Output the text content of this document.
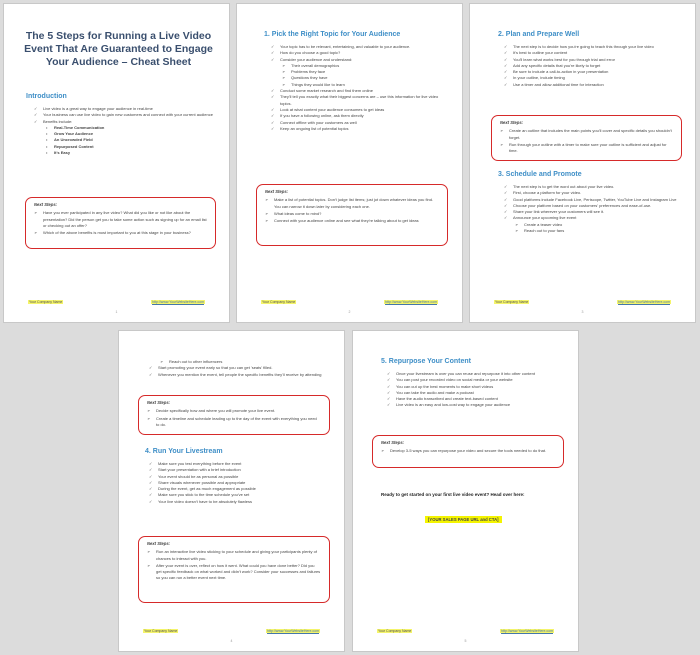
The 5 Steps for Running a Live Video Event That Are Guaranteed to Engage Your Audience – Cheat Sheet
Introduction
✓ Live video is a great way to engage your audience in real-time
✓ Your business can use live video to gain new customers and connect with your current audience
✓ Benefits include:
• Real-Time Communication
• Grow Your Audience
• An Uncrowded Field
• Repurposed Content
• It's Easy
Next Steps:
➢ Have you ever participated in any live video? What did you like or not like about the presentation? Did the person get you to take some action such as signing up for an email list or checking out an offer?
➢ Which of the above benefits is most important to you at this stage in your business?
Your Company Name	http://www.YourWebsiteHere.com
1
1. Pick the Right Topic for Your Audience
✓ Your topic has to be relevant, entertaining, and valuable to your audience.
✓ How do you choose a good topic?
✓ Consider your audience and understand:
➢ Their overall demographics
➢ Problems they face
➢ Questions they have
➢ Things they would like to learn
✓ Conduct some market research and find them online
✓ They'll tell you exactly what their biggest concerns are – use this information for live video topics.
✓ Look at what content your audience consumes to get ideas
✓ If you have a following online, ask them directly
✓ Connect offline with your customers as well
✓ Keep an ongoing list of potential topics
Next Steps:
➢ Make a list of potential topics. Don't judge list items; just jot down whatever ideas you find. You can narrow it down later by considering each one.
➢ What ideas come to mind?
➢ Connect with your audience online and see what they're talking about to get ideas
Your Company Name	http://www.YourWebsiteHere.com
2
2. Plan and Prepare Well
✓ The next step is to decide how you're going to teach this through your live video
✓ It's best to outline your content
✓ You'll learn what works best for you through trial and error
✓ Add any specific details that you're likely to forget
✓ Be sure to include a call-to-action in your presentation
✓ In your outline, include timing
✓ Use a timer and allow additional time for interaction
Next Steps:
➢ Create an outline that includes the main points you'll cover and specific details you shouldn't forget.
➢ Run through your outline with a timer to make sure your outline is sufficient and adjust for time.
3. Schedule and Promote
✓ The next step is to get the word out about your live video.
✓ First, choose a platform for your video.
✓ Good platforms include Facebook Live, Periscope, Twitter, YouTube Live and Instagram Live
✓ Choose your platform based on your customers' preferences and ease-of-use.
✓ Share your link wherever your customers will see it.
✓ Announce your upcoming live event
➢ Create a teaser video
➢ Reach out to your fans
Your Company Name	http://www.YourWebsiteHere.com
3
➢ Reach out to other influencers
✓ Start promoting your event early so that you can get 'seats' filled.
✓ Whenever you mention the event, tell people the specific benefits they'll receive by attending
Next Steps:
➢ Decide specifically how and where you will promote your live event.
➢ Create a timeline and schedule leading up to the day of the event with everything you need to do.
4. Run Your Livestream
✓ Make sure you test everything before the event
✓ Start your presentation with a brief introduction
✓ Your event should be as personal as possible
✓ Share visuals whenever possible and appropriate
✓ During the event, get as much engagement as possible
✓ Make sure you stick to the time schedule you've set
✓ Your live video doesn't have to be absolutely flawless
Next Steps:
➢ Run an interactive live video sticking to your schedule and giving your participants plenty of chances to interact with you.
➢ After your event is over, reflect on how it went. What could you have done better? Did you get specific feedback on what worked and didn't work? Consider your successes and failures so you can run a better event next time.
Your Company Name	http://www.YourWebsiteHere.com
4
5. Repurpose Your Content
✓ Once your livestream is over you can reuse and repurpose it into other content
✓ You can post your recorded video on social media or your website
✓ You can cut up the best moments to make short videos
✓ You can take the audio and make a podcast
✓ Have the audio transcribed and create text-based content
✓ Live video is an easy and low-cost way to engage your audience
Next Steps:
➢ Develop 3-5 ways you can repurpose your video and secure the tools needed to do that.
Ready to get started on your first live video event? Head over here:
[YOUR SALES PAGE URL and CTA]
Your Company Name	http://www.YourWebsiteHere.com
5
